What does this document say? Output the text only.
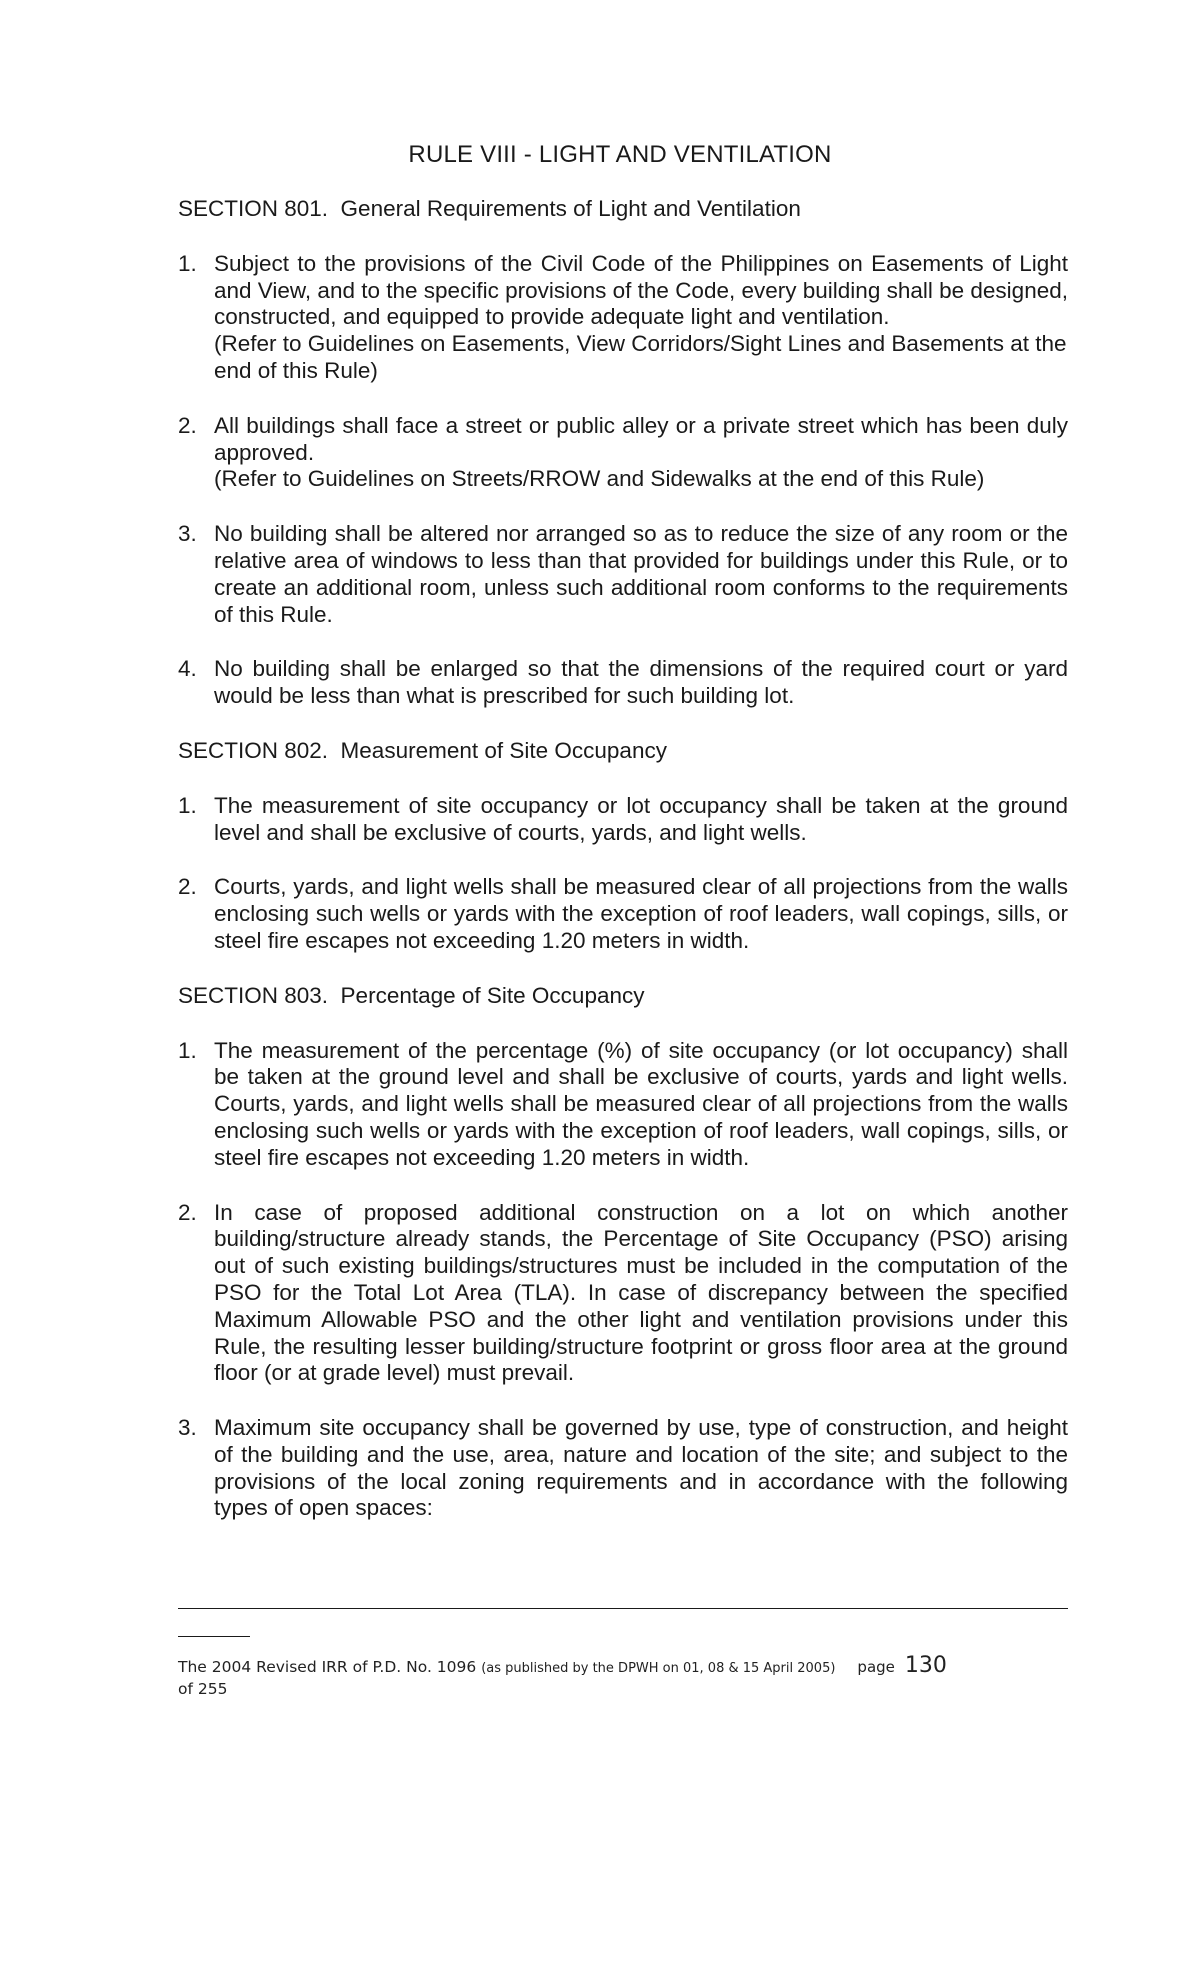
RULE VIII - LIGHT AND VENTILATION
SECTION 801.  General Requirements of Light and Ventilation
1. Subject to the provisions of the Civil Code of the Philippines on Easements of Light and View, and to the specific provisions of the Code, every building shall be designed, constructed, and equipped to provide adequate light and ventilation.

(Refer to Guidelines on Easements, View Corridors/Sight Lines and Basements at the end of this Rule)

2. All buildings shall face a street or public alley or a private street which has been duly approved.

(Refer to Guidelines on Streets/RROW and Sidewalks at the end of this Rule)

3. No building shall be altered nor arranged so as to reduce the size of any room or the relative area of windows to less than that provided for buildings under this Rule, or to create an additional room, unless such additional room conforms to the requirements of this Rule.

4. No building shall be enlarged so that the dimensions of the required court or yard would be less than what is prescribed for such building lot.

SECTION 802.  Measurement of Site Occupancy
1. The measurement of site occupancy or lot occupancy shall be taken at the ground level and shall be exclusive of courts, yards, and light wells.

2. Courts, yards, and light wells shall be measured clear of all projections from the walls enclosing such wells or yards with the exception of roof leaders, wall copings, sills, or steel fire escapes not exceeding 1.20 meters in width.

SECTION 803.  Percentage of Site Occupancy
1. The measurement of the percentage (%) of site occupancy (or lot occupancy) shall be taken at the ground level and shall be exclusive of courts, yards and light wells. Courts, yards, and light wells shall be measured clear of all projections from the walls enclosing such wells or yards with the exception of roof leaders, wall copings, sills, or steel fire escapes not exceeding 1.20 meters in width.

2. In case of proposed additional construction on a lot on which another building/structure already stands, the Percentage of Site Occupancy (PSO) arising out of such existing buildings/structures must be included in the computation of the PSO for the Total Lot Area (TLA). In case of discrepancy between the specified Maximum Allowable PSO and the other light and ventilation provisions under this Rule, the resulting lesser building/structure footprint or gross floor area at the ground floor (or at grade level) must prevail.

3. Maximum site occupancy shall be governed by use, type of construction, and height of the building and the use, area, nature and location of the site; and subject to the provisions of the local zoning requirements and in accordance with the following types of open spaces:

The 2004 Revised IRR of P.D. No. 1096
(as published by the DPWH on 01, 08 & 15 April 2005) page 130
of 255
